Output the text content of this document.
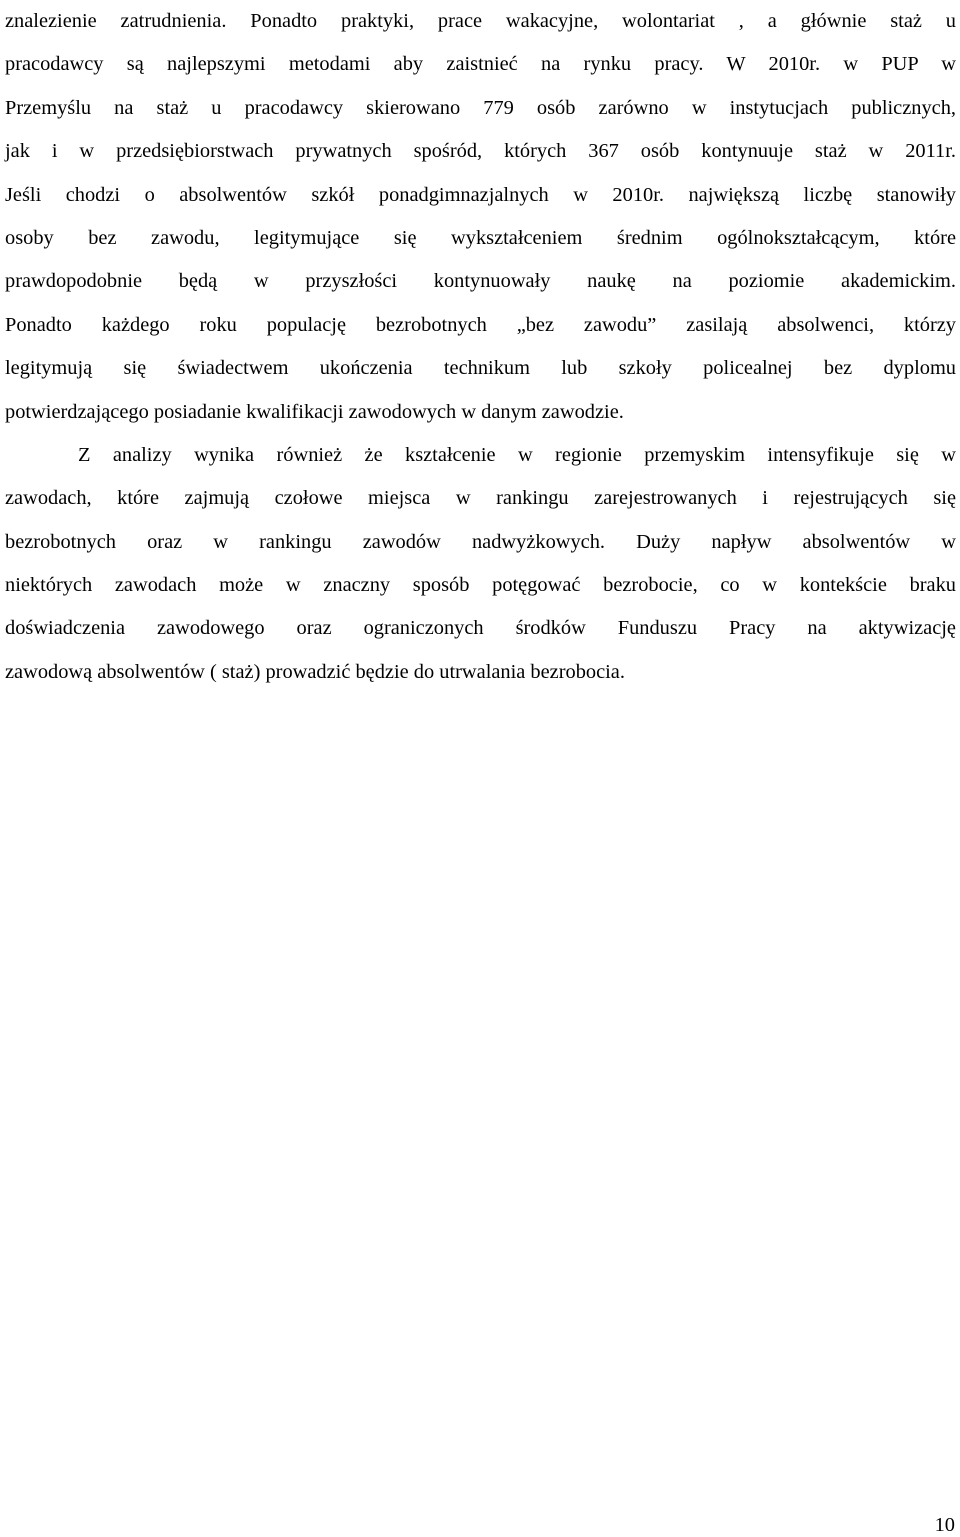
znalezienie zatrudnienia. Ponadto praktyki, prace wakacyjne, wolontariat , a głównie staż u
pracodawcy są najlepszymi metodami aby zaistnieć na rynku pracy. W 2010r. w PUP w
Przemyślu na staż u pracodawcy skierowano 779 osób zarówno w instytucjach publicznych,
jak i w przedsiębiorstwach prywatnych spośród, których 367 osób kontynuuje staż w 2011r.
Jeśli chodzi o absolwentów szkół ponadgimnazjalnych w 2010r. największą liczbę stanowiły
osoby bez zawodu, legitymujące się wykształceniem średnim ogólnokształcącym, które
prawdopodobnie będą w przyszłości kontynuowały naukę na poziomie akademickim.
Ponadto każdego roku populację bezrobotnych „bez zawodu” zasilają absolwenci, którzy
legitymują się świadectwem ukończenia technikum lub szkoły policealnej bez dyplomu
potwierdzającego posiadanie kwalifikacji zawodowych w danym zawodzie.
Z analizy wynika również że kształcenie w regionie przemyskim intensyfikuje się w
zawodach, które zajmują czołowe miejsca w rankingu zarejestrowanych i rejestrujących się
bezrobotnych oraz w rankingu zawodów nadwyżkowych. Duży napływ absolwentów w
niektórych zawodach może w znaczny sposób potęgować bezrobocie, co w kontekście braku
doświadczenia zawodowego oraz ograniczonych środków Funduszu Pracy na aktywizację
zawodową absolwentów ( staż) prowadzić będzie do utrwalania bezrobocia.
10
